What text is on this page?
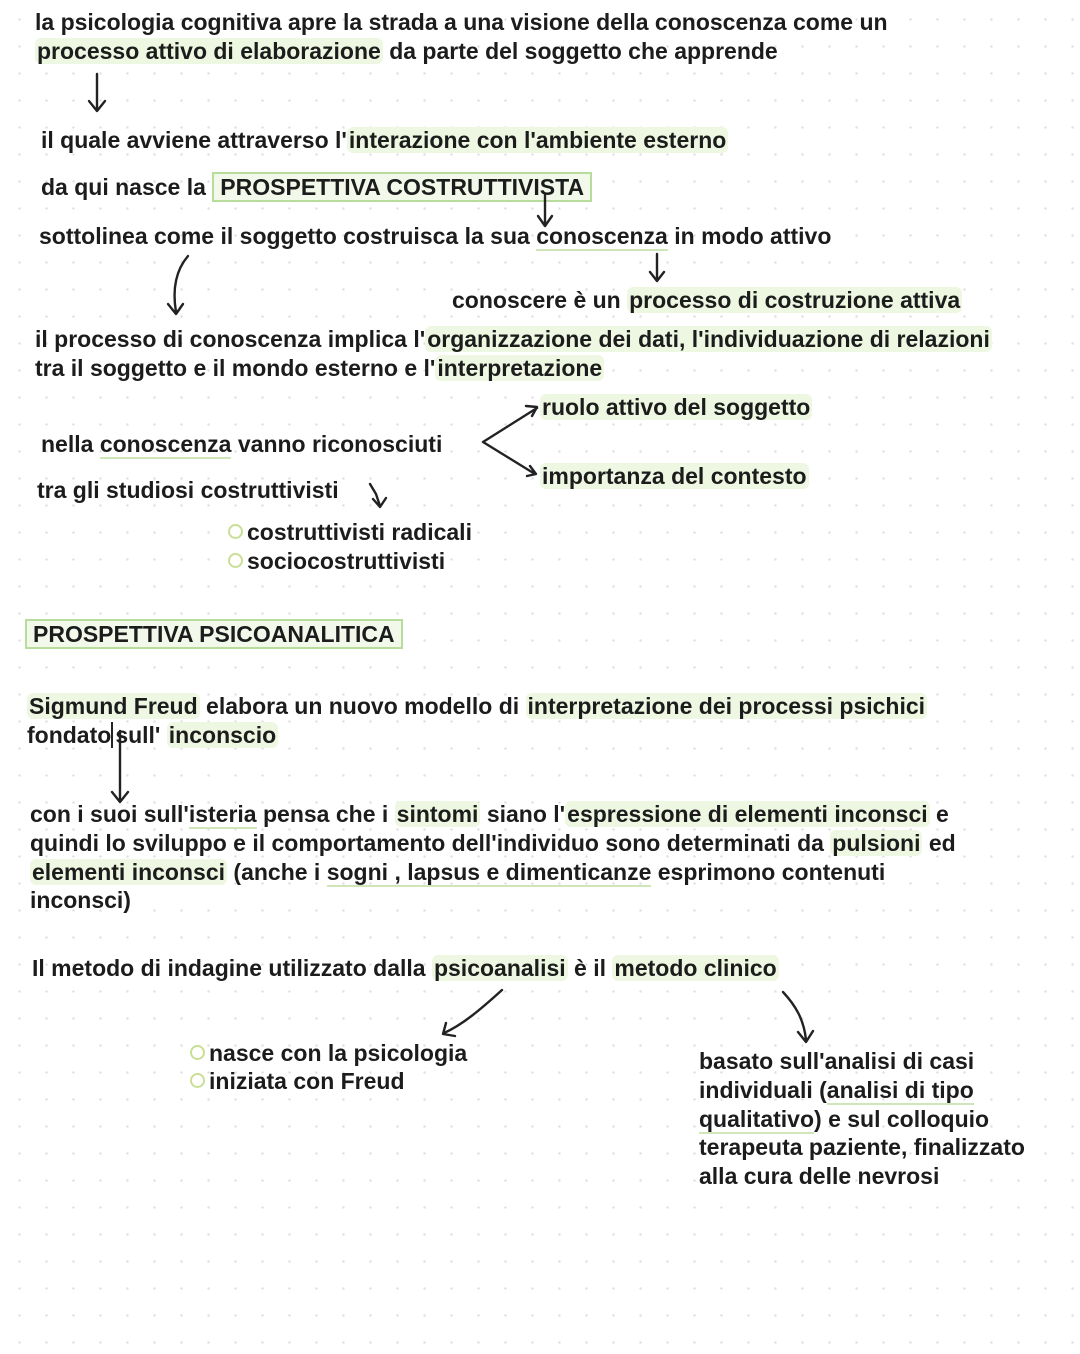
la psicologia cognitiva apre la strada a una visione della conoscenza come un
processo attivo di elaborazione da parte del soggetto che apprende
il quale avviene attraverso l'interazione con l'ambiente esterno
da qui nasce la PROSPETTIVA COSTRUTTIVISTA
sottolinea come il soggetto costruisca la sua conoscenza in modo attivo
conoscere è un processo di costruzione attiva
il processo di conoscenza implica l'organizzazione dei dati, l'individuazione di relazioni
tra il soggetto e il mondo esterno e l'interpretazione
ruolo attivo del soggetto
nella conoscenza vanno riconosciuti
importanza del contesto
tra gli studiosi costruttivisti
costruttivisti radicali
sociocostruttivisti
PROSPETTIVA PSICOANALITICA
Sigmund Freud elabora un nuovo modello di interpretazione dei processi psichici
fondato sull' inconscio
con i suoi sull'isteria pensa che i sintomi siano l'espressione di elementi inconsci e
quindi lo sviluppo e il comportamento dell'individuo sono determinati da pulsioni ed
elementi inconsci (anche i sogni , lapsus e dimenticanze esprimono contenuti
inconsci)
Il metodo di indagine utilizzato dalla psicoanalisi è il metodo clinico
nasce con la psicologia
iniziata con Freud
basato sull'analisi di casi
individuali (analisi di tipo
qualitativo) e sul colloquio
terapeuta paziente, finalizzato
alla cura delle nevrosi
